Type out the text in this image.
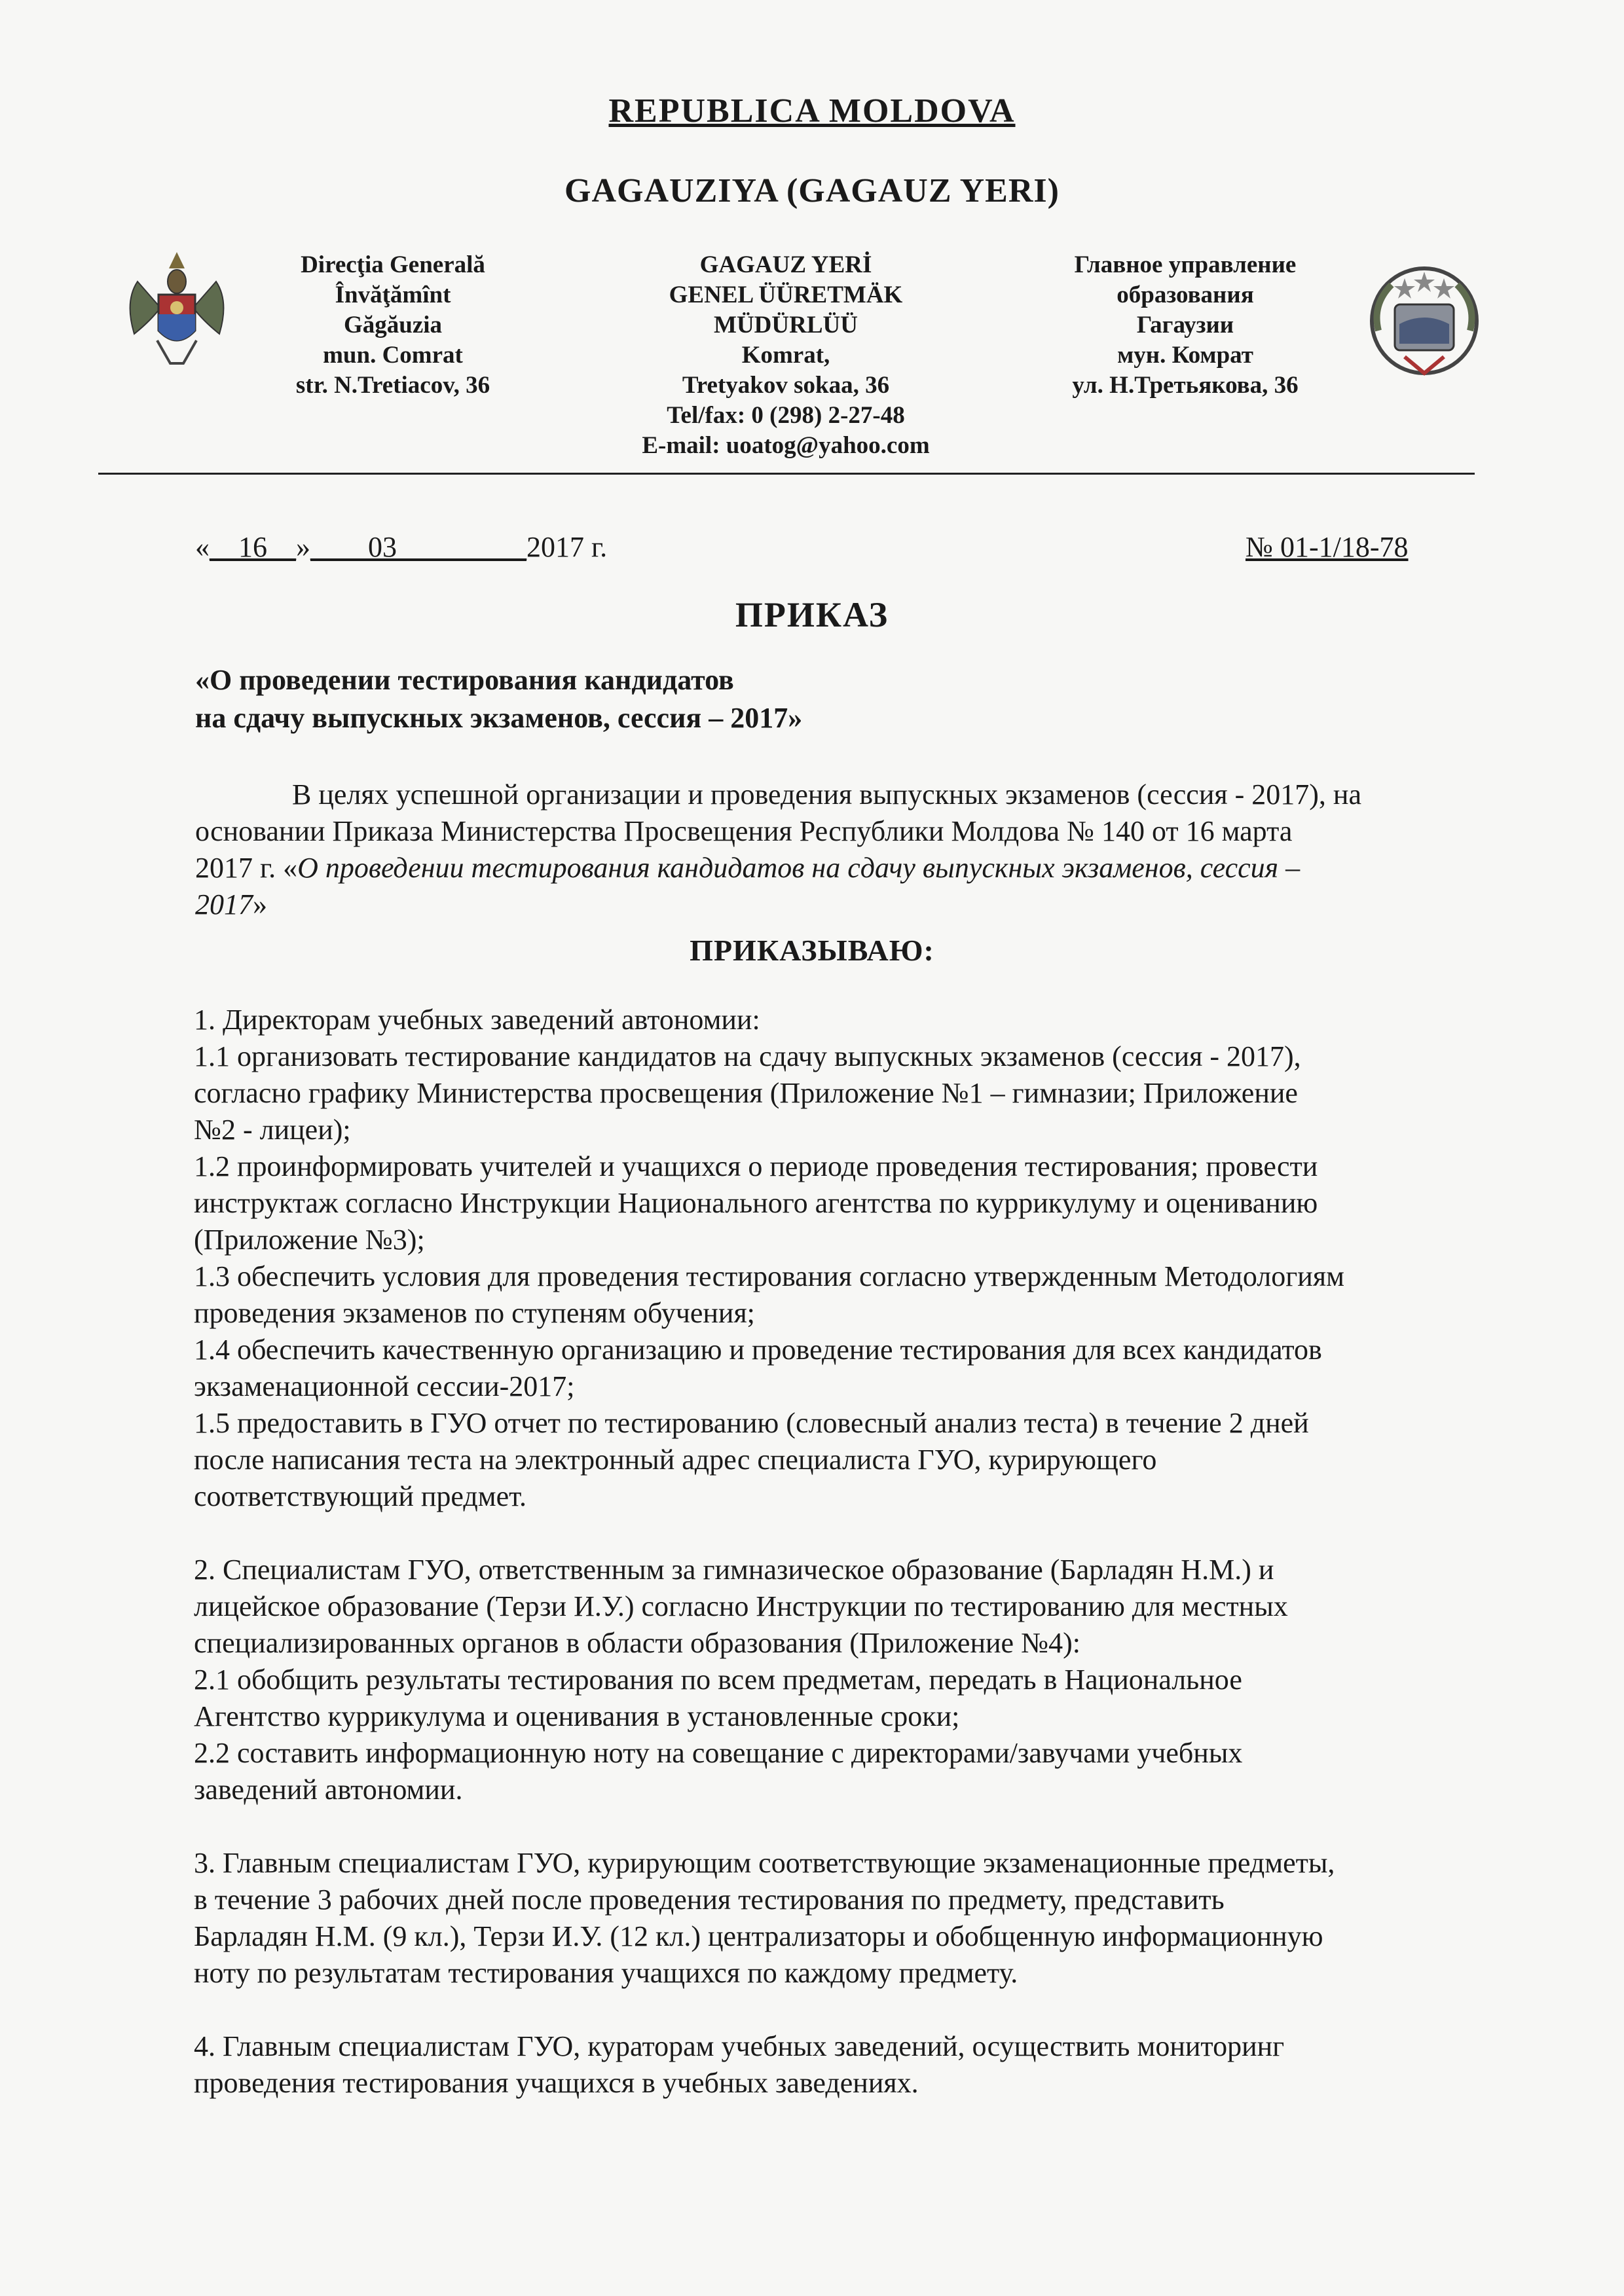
REPUBLICA MOLDOVA
GAGAUZIYA (GAGAUZ YERI)
Direcţia Generală
Învăţămînt
Găgăuzia
mun. Comrat
str. N.Tretiacov, 36
GAGAUZ YERİ
GENEL ÜÜRETMÄK
MÜDÜRLÜÜ
Komrat,
Tretyakov sokaa, 36
Tel/fax: 0 (298) 2-27-48
E-mail: uoatog@yahoo.com
Главное управление
образования
Гагаузии
мун. Комрат
ул. Н.Третьякова, 36
«__16__»____03_________2017 г.	№ 01-1/18-78
ПРИКАЗ
«О проведении тестирования кандидатов
на сдачу выпускных экзаменов, сессия – 2017»
В целях успешной организации и проведения выпускных экзаменов (сессия - 2017), на
основании Приказа Министерства Просвещения Республики Молдова № 140 от 16 марта
2017 г. «О проведении тестирования кандидатов на сдачу выпускных экзаменов, сессия –
2017»
ПРИКАЗЫВАЮ:
1. Директорам учебных заведений автономии:
1.1 организовать тестирование кандидатов на сдачу выпускных экзаменов (сессия - 2017),
согласно графику Министерства просвещения (Приложение №1 – гимназии; Приложение
№2 - лицеи);
1.2 проинформировать учителей и учащихся о периоде проведения тестирования; провести
инструктаж согласно Инструкции Национального агентства по куррикулуму и оцениванию
(Приложение №3);
1.3 обеспечить условия для проведения тестирования согласно утвержденным Методологиям
проведения экзаменов по ступеням обучения;
1.4 обеспечить качественную организацию и проведение тестирования для всех кандидатов
экзаменационной сессии-2017;
1.5 предоставить в ГУО отчет по тестированию (словесный анализ теста) в течение 2 дней
после написания теста на электронный адрес специалиста ГУО, курирующего
соответствующий предмет.
2. Специалистам ГУО, ответственным за гимназическое образование (Барладян Н.М.) и
лицейское образование (Терзи И.У.) согласно Инструкции по тестированию для местных
специализированных органов в области образования (Приложение №4):
2.1 обобщить результаты тестирования по всем предметам, передать в Национальное
Агентство куррикулума и оценивания в установленные сроки;
2.2 составить информационную ноту на совещание с директорами/завучами учебных
заведений автономии.
3. Главным специалистам ГУО, курирующим соответствующие экзаменационные предметы,
в течение 3 рабочих дней после проведения тестирования по предмету, представить
Барладян Н.М. (9 кл.), Терзи И.У. (12 кл.) централизаторы и обобщенную информационную
ноту по результатам тестирования учащихся по каждому предмету.
4. Главным специалистам ГУО, кураторам учебных заведений, осуществить мониторинг
проведения тестирования учащихся в учебных заведениях.
